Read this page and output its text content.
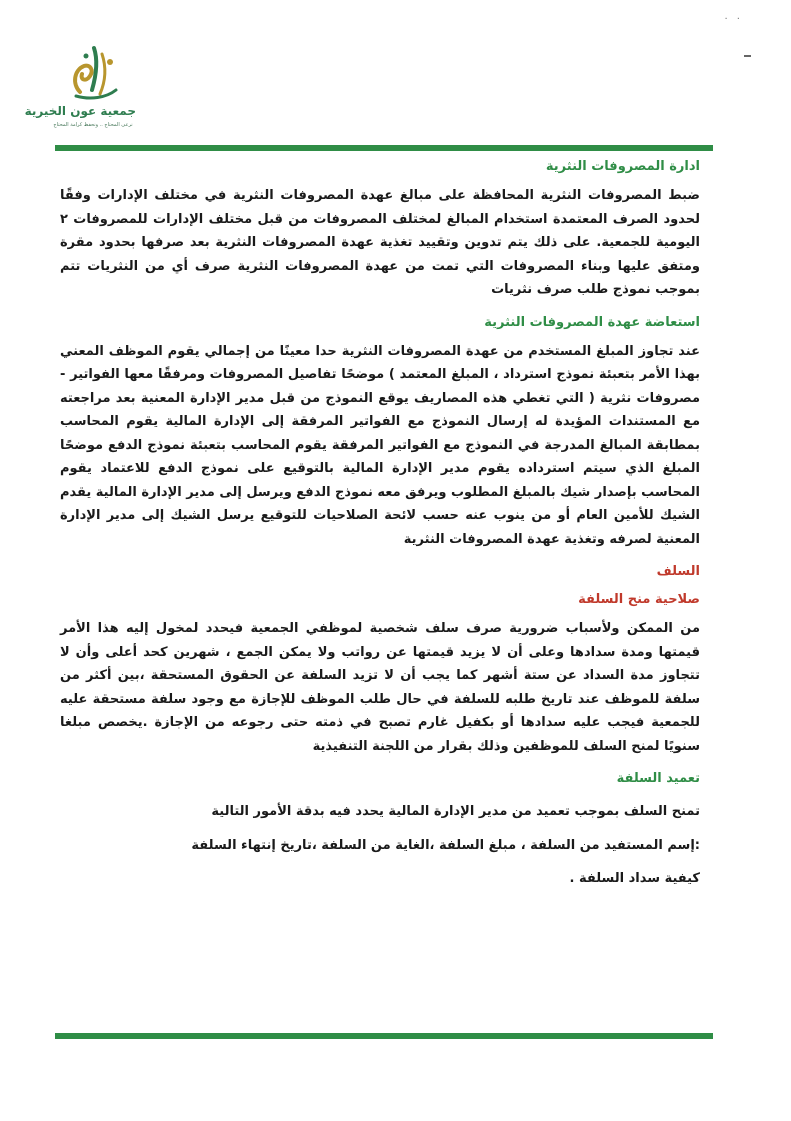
· ·
جمعية عون الخيرية
نرعى المحتاج .. ونحفظ كرامة المحتاج
ادارة المصروفات النثرية

ضبط المصروفات النثرية المحافظة على مبالغ عهدة المصروفات النثرية في مختلف الإدارات وفقًا لحدود الصرف المعتمدة استخدام المبالغ لمختلف المصروفات من قبل مختلف الإدارات للمصروفات ٢ اليومية للجمعية. على ذلك يتم تدوين وتقييد تغذية عهدة المصروفات النثرية بعد صرفها بحدود مقرة ومتفق عليها وبناء المصروفات التي تمت من عهدة المصروفات النثرية صرف أي من النثريات تتم بموجب نموذج طلب صرف نثريات

استعاضة عهدة المصروفات النثرية

عند تجاوز المبلغ المستخدم من عهدة المصروفات النثرية حدا معينًا من إجمالي يقوم الموظف المعني بهذا الأمر بتعبئة نموذج استرداد ، المبلغ المعتمد ) موضحًا تفاصيل المصروفات ومرفقًا معها الفواتير - مصروفات نثرية ( التي تغطي هذه المصاريف يوقع النموذج من قبل مدير الإدارة المعنية بعد مراجعته مع المستندات المؤيدة له إرسال النموذج مع الفواتير المرفقة إلى الإدارة المالية يقوم المحاسب بمطابقة المبالغ المدرجة في النموذج مع الفواتير المرفقة يقوم المحاسب بتعبئة نموذج الدفع موضحًا المبلغ الذي سيتم استرداده يقوم مدير الإدارة المالية بالتوقيع على نموذج الدفع للاعتماد يقوم المحاسب بإصدار شيك بالمبلغ المطلوب ويرفق معه نموذج الدفع ويرسل إلى مدير الإدارة المالية يقدم الشيك للأمين العام أو من ينوب عنه حسب لائحة الصلاحيات للتوقيع يرسل الشيك إلى مدير الإدارة المعنية لصرفه وتغذية عهدة المصروفات النثرية

السلف
صلاحية منح السلفة

من الممكن ولأسباب ضرورية صرف سلف شخصية لموظفي الجمعية فيحدد لمخول إليه هذا الأمر قيمتها ومدة سدادها وعلى أن لا يزيد قيمتها عن رواتب ولا يمكن الجمع ، شهرين كحد أعلى وأن لا تتجاوز مدة السداد عن ستة أشهر كما يجب أن لا تزيد السلفة عن الحقوق المستحقة ،بين أكثر من سلفة للموظف عند تاريخ طلبه للسلفة في حال طلب الموظف للإجازة مع وجود سلفة مستحقة عليه للجمعية فيجب عليه سدادها أو بكفيل غارم تصبح في ذمته حتى رجوعه من الإجازة .يخصص مبلغا سنويًا لمنح السلف للموظفين وذلك بقرار من اللجنة التنفيذية

تعميد السلفة

تمنح السلف بموجب تعميد من مدير الإدارة المالية يحدد فيه بدقة الأمور التالية

:إسم المستفيد من السلفة ، مبلغ السلفة ،الغاية من السلفة ،تاريخ إنتهاء السلفة

كيفية سداد السلفة .
